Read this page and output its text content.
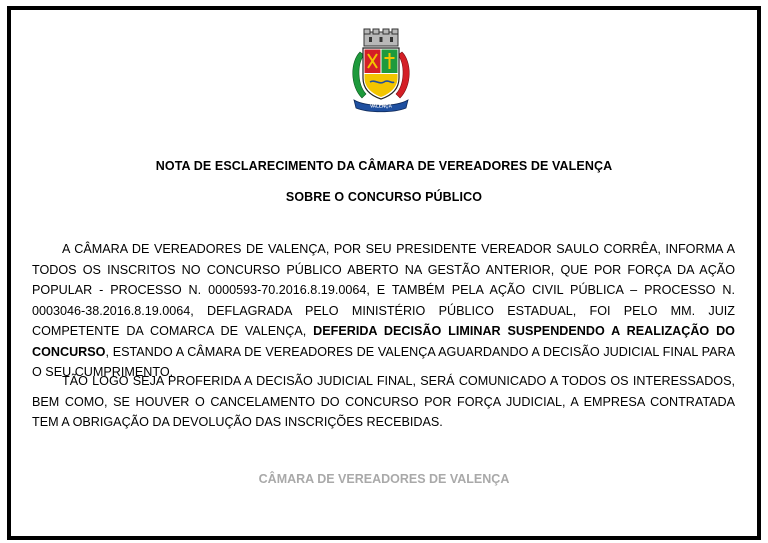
VALENÇA
NOTA DE ESCLARECIMENTO DA CÂMARA DE VEREADORES DE VALENÇA
SOBRE O CONCURSO PÚBLICO

A CÂMARA DE VEREADORES DE VALENÇA, POR SEU PRESIDENTE VEREADOR SAULO CORRÊA, INFORMA A TODOS OS INSCRITOS NO CONCURSO PÚBLICO ABERTO NA GESTÃO ANTERIOR, QUE POR FORÇA DA AÇÃO POPULAR - PROCESSO N. 0000593-70.2016.8.19.0064, E TAMBÉM PELA AÇÃO CIVIL PÚBLICA – PROCESSO N. 0003046-38.2016.8.19.0064, DEFLAGRADA PELO MINISTÉRIO PÚBLICO ESTADUAL, FOI PELO MM. JUIZ COMPETENTE DA COMARCA DE VALENÇA, DEFERIDA DECISÃO LIMINAR SUSPENDENDO A REALIZAÇÃO DO CONCURSO, ESTANDO A CÂMARA DE VEREADORES DE VALENÇA AGUARDANDO A DECISÃO JUDICIAL FINAL PARA O SEU CUMPRIMENTO.

TÃO LOGO SEJA PROFERIDA A DECISÃO JUDICIAL FINAL, SERÁ COMUNICADO A TODOS OS INTERESSADOS, BEM COMO, SE HOUVER O CANCELAMENTO DO CONCURSO POR FORÇA JUDICIAL, A EMPRESA CONTRATADA TEM A OBRIGAÇÃO DA DEVOLUÇÃO DAS INSCRIÇÕES RECEBIDAS.

CÂMARA DE VEREADORES DE VALENÇA
